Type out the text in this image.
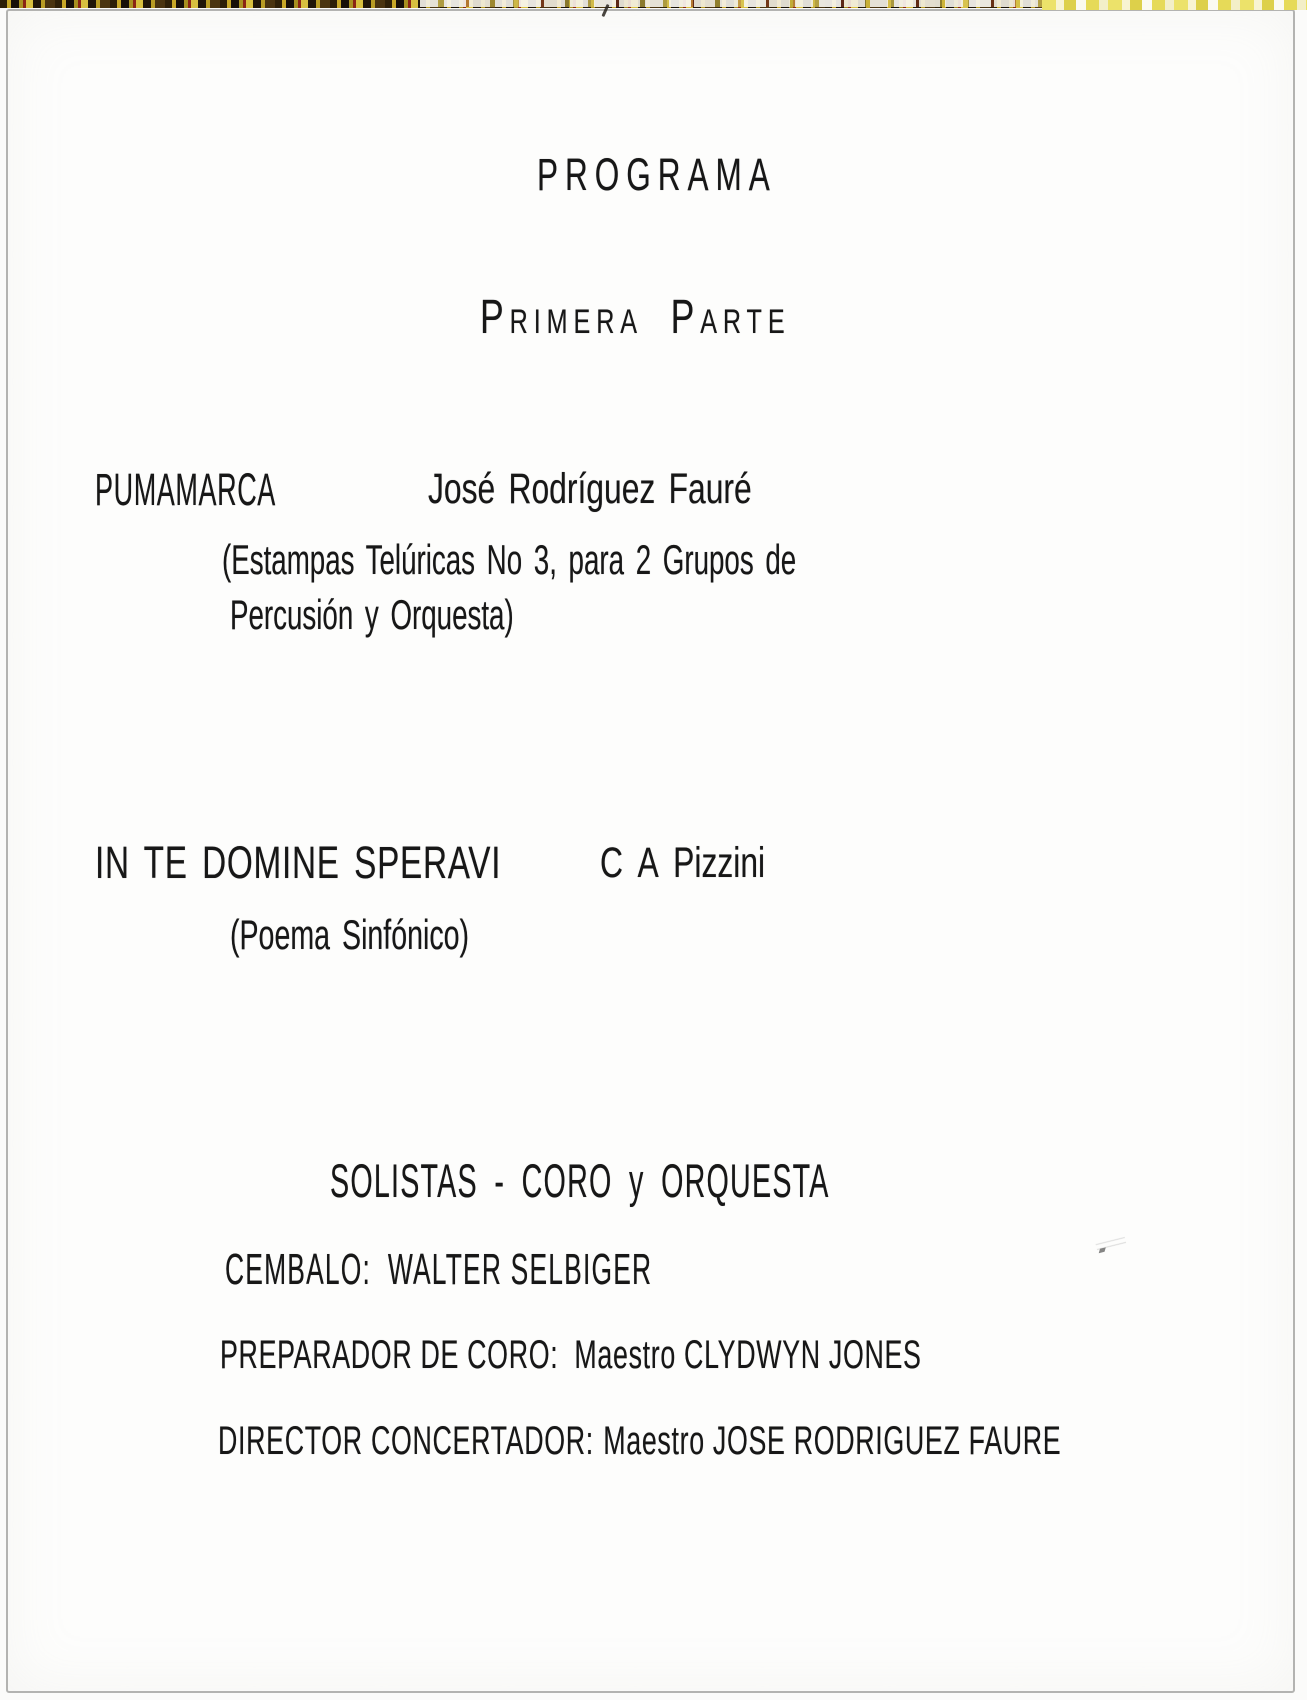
PROGRAMA
Primera Parte
PUMAMARCA	José Rodríguez Fauré
(Estampas Telúricas No 3, para 2 Grupos de
Percusión y Orquesta)
IN TE DOMINE SPERAVI C A Pizzini
(Poema Sinfónico)
SOLISTAS - CORO y ORQUESTA
CEMBALO: WALTER SELBIGER
PREPARADOR DE CORO: Maestro CLYDWYN JONES
DIRECTOR CONCERTADOR: Maestro JOSE RODRIGUEZ FAURE
